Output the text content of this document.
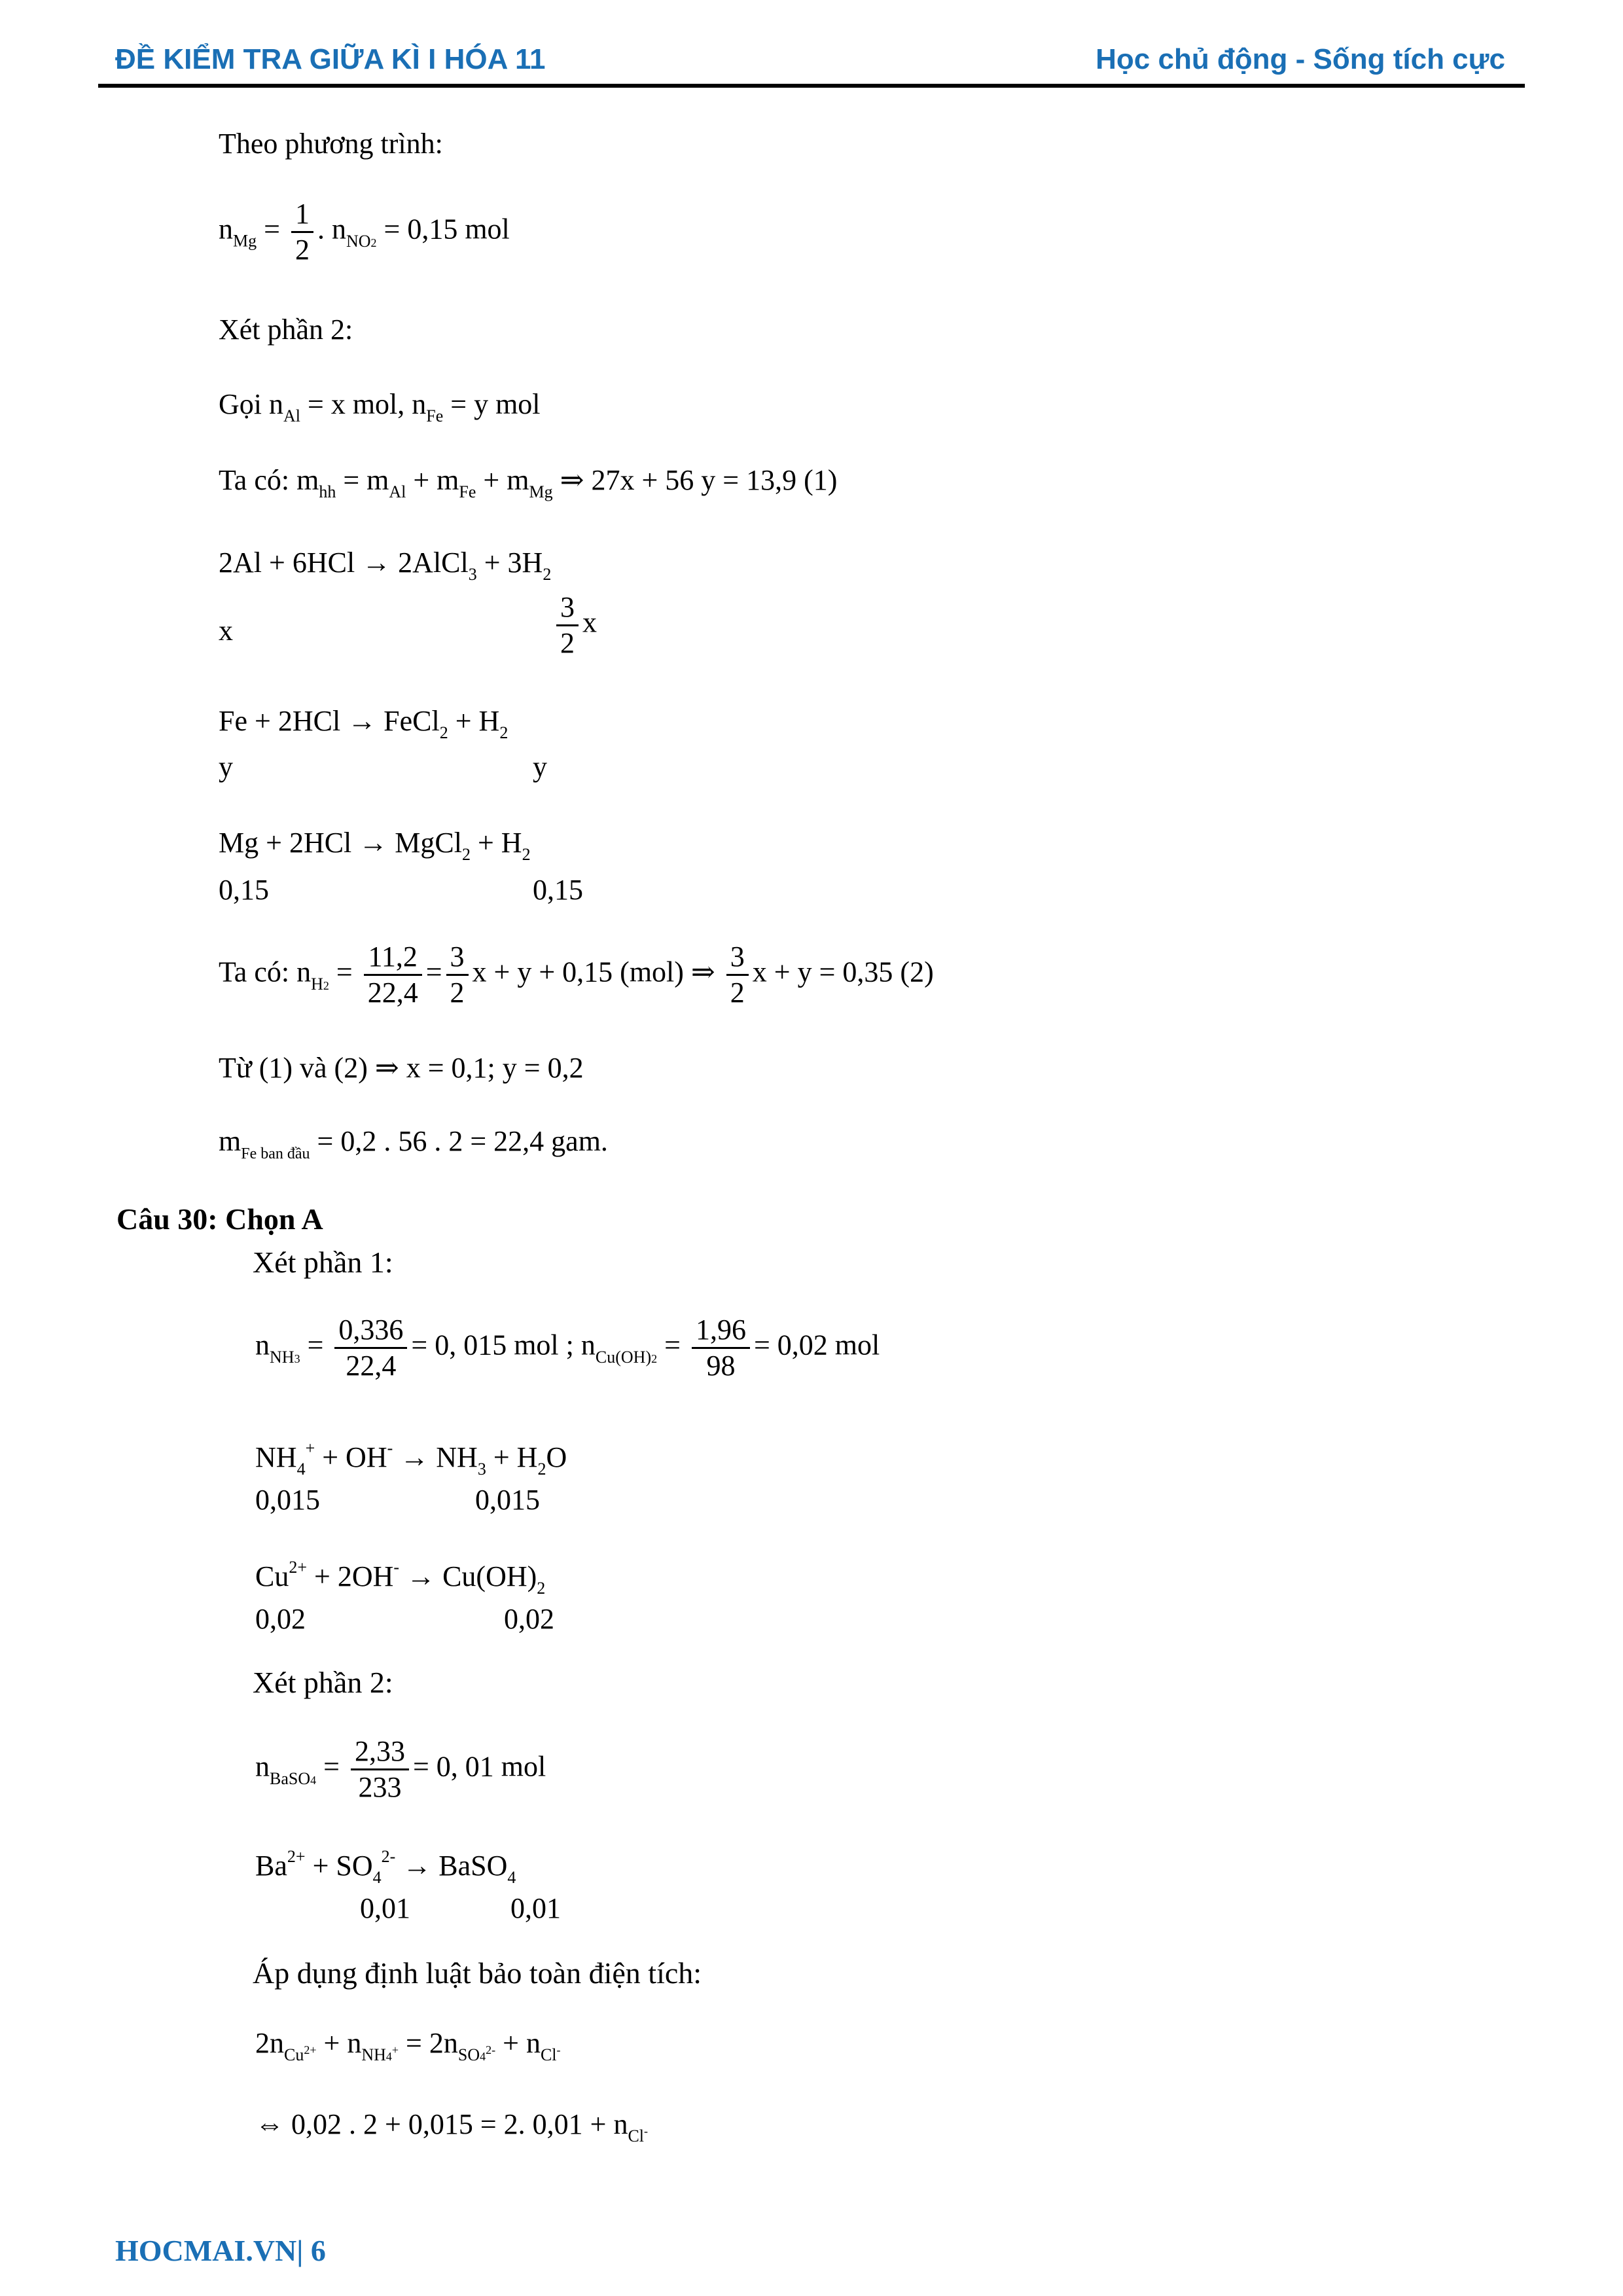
ĐỀ KIỂM TRA GIỮA KÌ I HÓA 11	Học chủ động - Sống tích cực
Theo phương trình:
$n_{Mg} = \frac{1}{2}$ . $n_{NO2} = 0,15$ mol
Xét phần 2:
Gọi $n_{Al} = x$ mol, $n_{Fe} = y$ mol
Ta có: $m_{hh} = m_{Al} + m_{Fe} + m_{Mg}$ ⇒ 27x + 56 y = 13,9 (1)
2Al + 6HCl → 2AlCl$_3$ + $3H_2$
x	$\frac{3}{2}$ x
Fe + 2HCl → FeCl$_2$ + $H_2$
y	y
Mg + 2HCl → MgCl$_2$ + $H_2$
0,15	0,15
Ta có: $n_{H2} = \frac{11,2}{22,4} = \frac{3}{2}$ x + y + 0,15 (mol) ⇒ $\frac{3}{2}$ x + y = 0,35 (2)
Từ (1) và (2) ⇒ x = 0,1; y = 0,2
$m_{Fe ban đầu} = 0,2$ . 56 . 2 = 22,4 gam.
Câu 30: Chọn A
Xét phần 1:
$n_{NH3} = \frac{0,336}{22,4} = 0$, 015 mol ; $n_{Cu(OH)2} = \frac{1,96}{98} = 0,02$ mol
$NH_4^+ + OH^- \to NH_3 + H_2O$
0,015	0,015
$Cu^{2+} + 2OH^- \to Cu(OH)_2$
0,02	0,02
Xét phần 2:
$n_{BaSO4} = \frac{2,33}{233} = 0$, 01 mol
$Ba^{2+} + SO_4^{2-}$ → BaSO$_4$
0,01	0,01
Áp dụng định luật bảo toàn điện tích:
$2n_{Cu^{2+}} + n_{NH4^+} = 2n_{SO4^{2-}} + n_{Cl^-}$
⇔ 0,02 . 2 + 0,015 = 2. $0,01 + n_{Cl^-}$
HOCMAI.VN| 6
